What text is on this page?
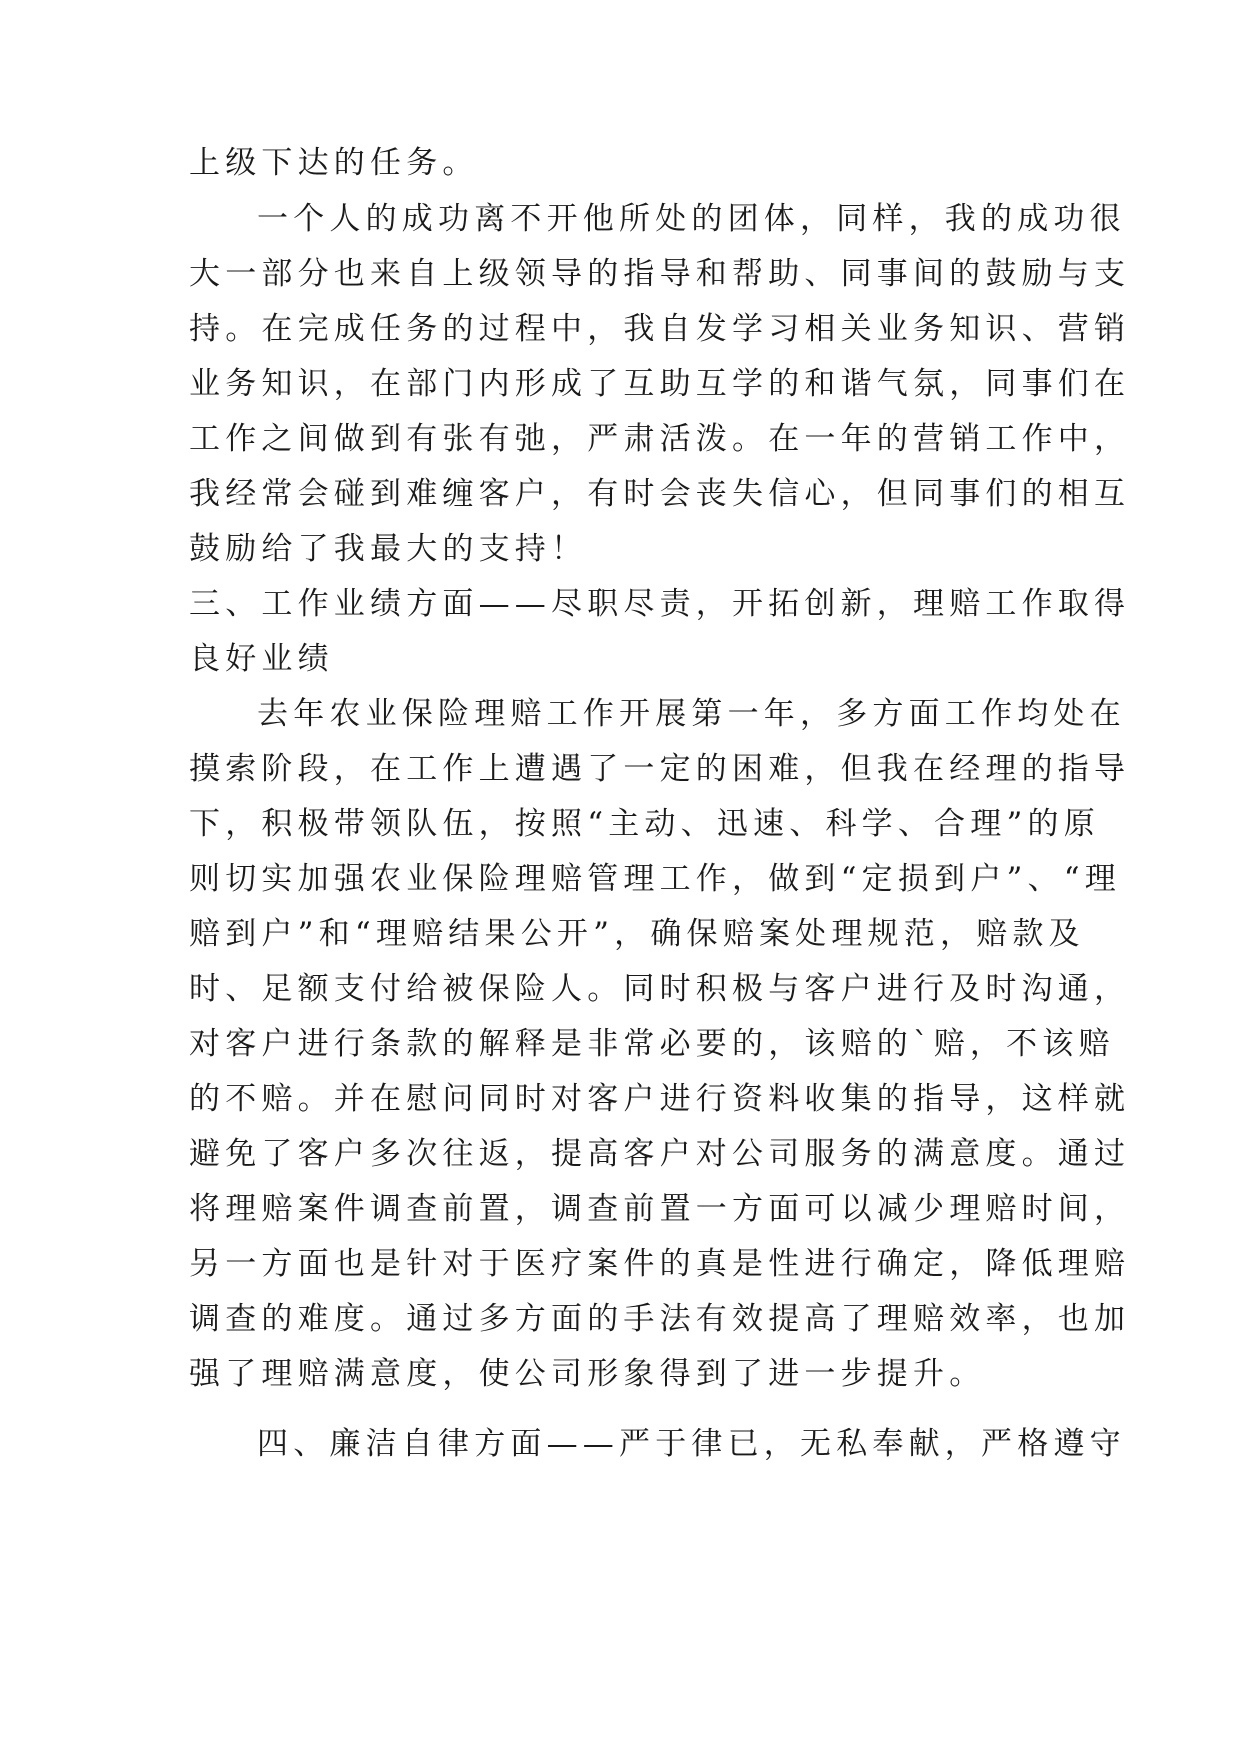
上级下达的任务。
一个人的成功离不开他所处的团体，同样，我的成功很
大一部分也来自上级领导的指导和帮助、同事间的鼓励与支
持。在完成任务的过程中，我自发学习相关业务知识、营销
业务知识，在部门内形成了互助互学的和谐气氛，同事们在
工作之间做到有张有弛，严肃活泼。在一年的营销工作中，
我经常会碰到难缠客户，有时会丧失信心，但同事们的相互
鼓励给了我最大的支持！
三、工作业绩方面——尽职尽责，开拓创新，理赔工作取得
良好业绩
去年农业保险理赔工作开展第一年，多方面工作均处在
摸索阶段，在工作上遭遇了一定的困难，但我在经理的指导
下，积极带领队伍，按照“主动、迅速、科学、合理”的原
则切实加强农业保险理赔管理工作，做到“定损到户”、“理
赔到户”和“理赔结果公开”，确保赔案处理规范，赔款及
时、足额支付给被保险人。同时积极与客户进行及时沟通，
对客户进行条款的解释是非常必要的，该赔的`赔，不该赔
的不赔。并在慰问同时对客户进行资料收集的指导，这样就
避免了客户多次往返，提高客户对公司服务的满意度。通过
将理赔案件调查前置，调查前置一方面可以减少理赔时间，
另一方面也是针对于医疗案件的真是性进行确定，降低理赔
调查的难度。通过多方面的手法有效提高了理赔效率，也加
强了理赔满意度，使公司形象得到了进一步提升。
四、廉洁自律方面——严于律已，无私奉献，严格遵守
